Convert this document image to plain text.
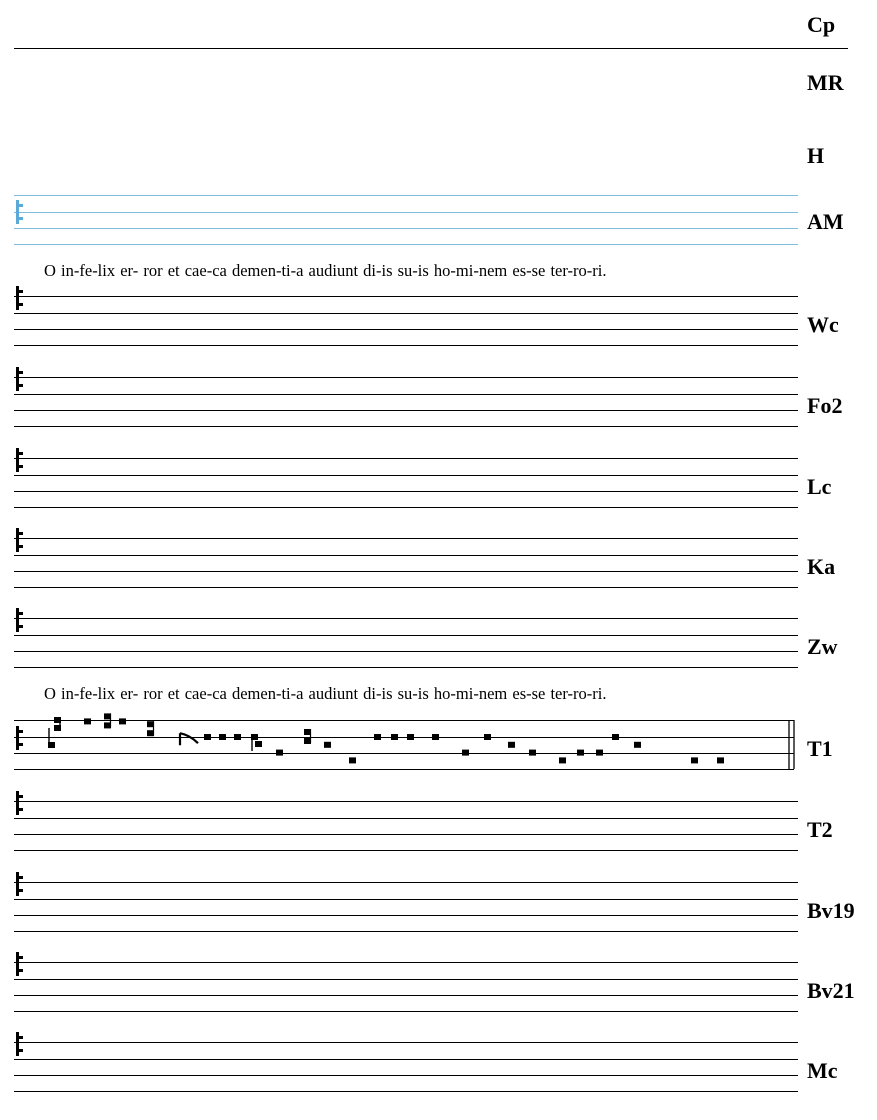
Cp
MR
H
AM
Wc
Fo2
Lc
Ka
Zw
T1
T2
Bv19
Bv21
Mc
O in-fe-lix er- ror et cae-ca demen-ti-a audiunt di-is su-is ho-mi-nem es-se ter-ro-ri.
O in-fe-lix er- ror et cae-ca demen-ti-a audiunt di-is su-is ho-mi-nem es-se ter-ro-ri.
